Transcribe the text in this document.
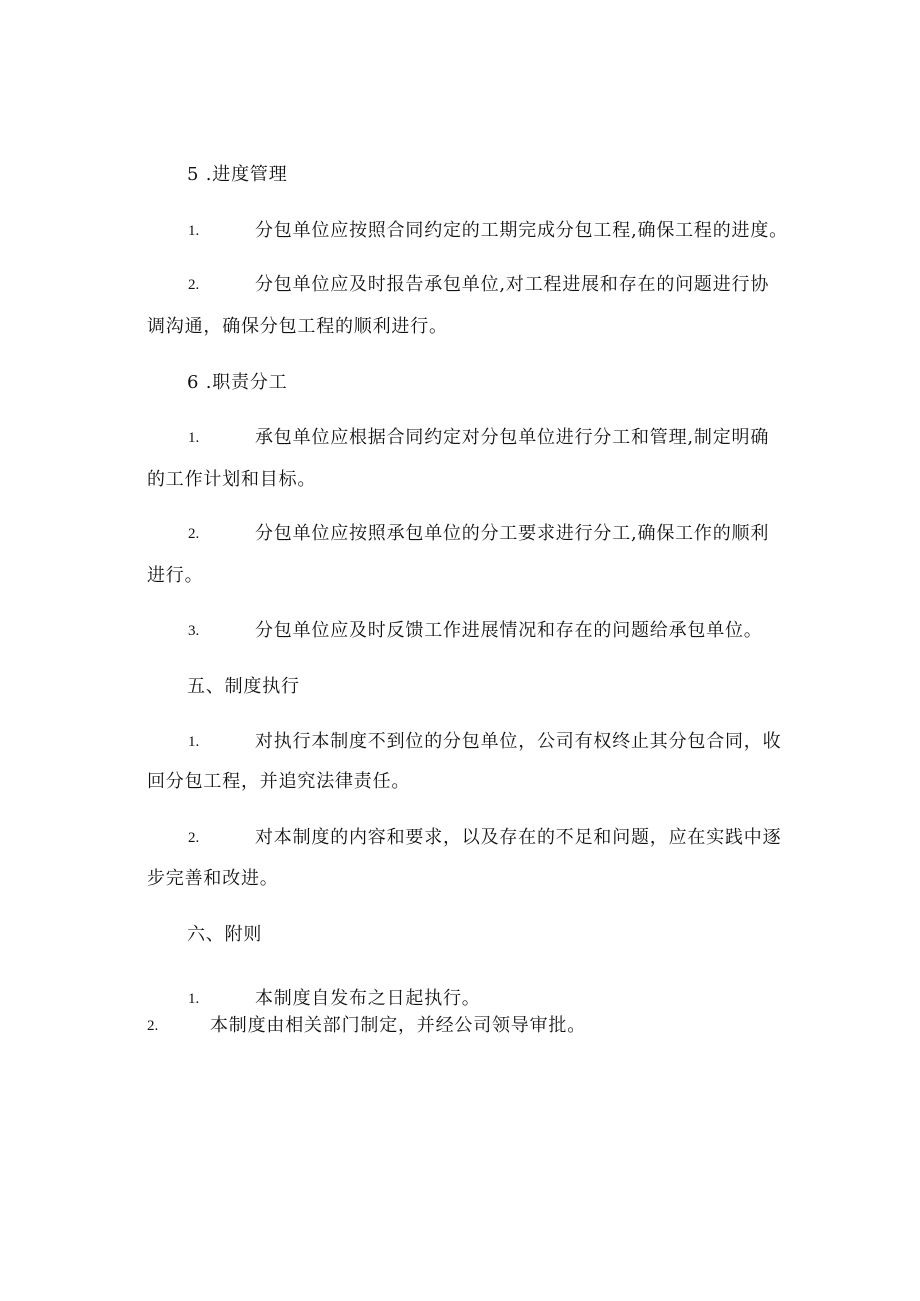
5 .进度管理
1.	分包单位应按照合同约定的工期完成分包工程,确保工程的进度。
2.	分包单位应及时报告承包单位,对工程进展和存在的问题进行协
调沟通，确保分包工程的顺利进行。
6 .职责分工
1.	承包单位应根据合同约定对分包单位进行分工和管理,制定明确
的工作计划和目标。
2.	分包单位应按照承包单位的分工要求进行分工,确保工作的顺利
进行。
3.	分包单位应及时反馈工作进展情况和存在的问题给承包单位。
五、制度执行
1.	对执行本制度不到位的分包单位，公司有权终止其分包合同，收
回分包工程，并追究法律责任。
2.	对本制度的内容和要求，以及存在的不足和问题，应在实践中逐
步完善和改进。
六、附则
1.	本制度自发布之日起执行。
2.	本制度由相关部门制定，并经公司领导审批。
